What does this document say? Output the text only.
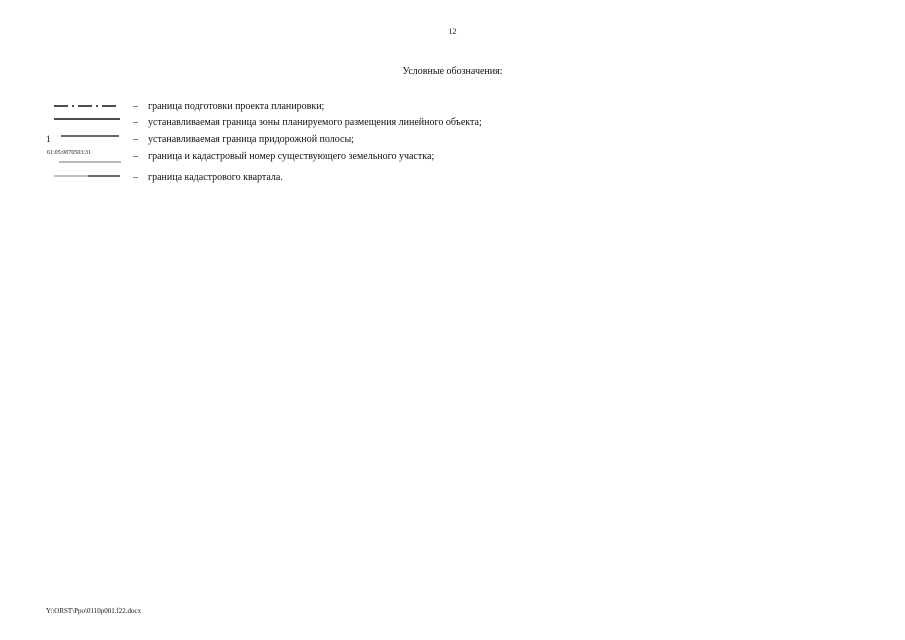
12
Условные обозначения:
– граница подготовки проекта планировки;
– устанавливаемая граница зоны планируемого размещения линейного объекта;
1	– устанавливаемая граница придорожной полосы;
61:05:0070503:31	– граница и кадастровый номер существующего земельного участка;
– граница кадастрового квартала.
Y:\ORST\Ppo\0110p001.f22.docx
